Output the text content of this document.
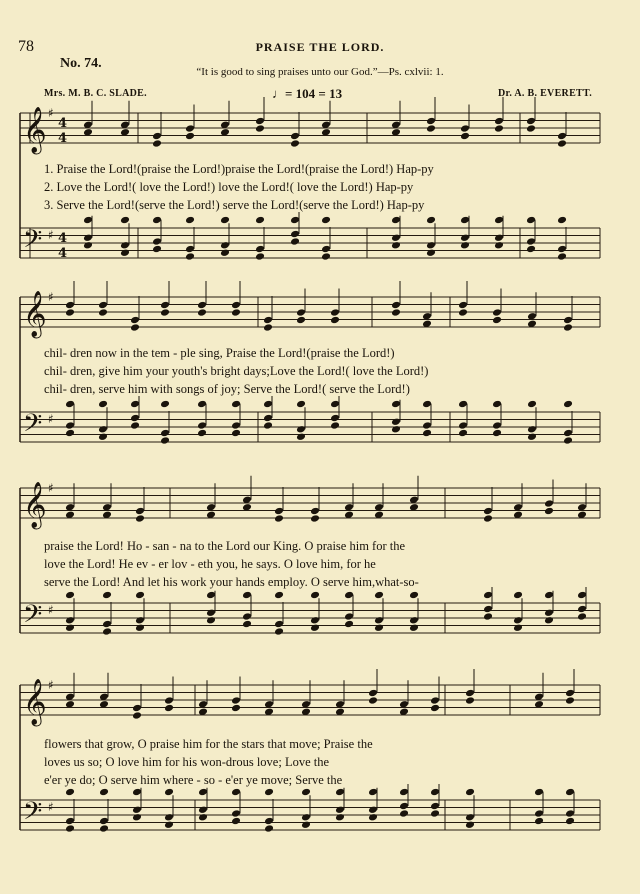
𝄞
𝄢
♯
♯
4
4
4
4
𝄞
𝄢
♯
♯
𝄞
𝄢
♯
♯
𝄞
𝄢
♯
♯
78	PRAISE THE LORD.
No. 74.
“It is good to sing praises unto our God.”—Ps. cxlvii: 1.
Mrs. M. B. C. SLADE.	♩= 104 = 13	Dr. A. B. EVERETT.
1. Praise the Lord!(praise the Lord!)praise the Lord!(praise the Lord!) Hap-py
2. Love the Lord!( love the Lord!) love the Lord!( love the Lord!) Hap-py
3. Serve the Lord!(serve the Lord!) serve the Lord!(serve the Lord!) Hap-py
chil- dren now in the tem - ple sing, Praise the Lord!(praise the Lord!)
chil- dren, give him your youth's bright days;Love the Lord!( love the Lord!)
chil- dren, serve him with songs of joy; Serve the Lord!( serve the Lord!)
praise the Lord! Ho - san - na to the Lord our King. O praise him for the
love the Lord! He ev - er lov - eth you, he says. O love him, for he
serve the Lord! And let his work your hands employ. O serve him,what-so-
flowers that grow, O praise him for the stars that move; Praise the
loves us so; O love him for his won-drous love; Love the
e'er ye do; O serve him where - so - e'er ye move; Serve the
